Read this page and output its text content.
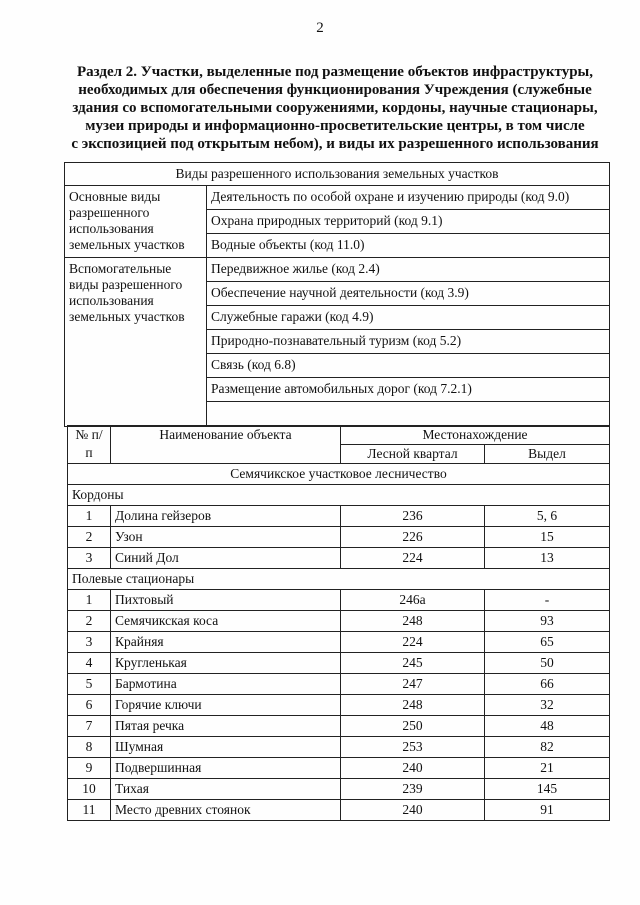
2
Раздел 2. Участки, выделенные под размещение объектов инфраструктуры,
необходимых для обеспечения функционирования Учреждения (служебные
здания со вспомогательными сооружениями, кордоны, научные стационары,
музеи природы и информационно-просветительские центры, в том числе
с экспозицией под открытым небом), и виды их разрешенного использования
Виды разрешенного использования земельных участков	
Основные виды разрешенного использования земельных участков	Деятельность по особой охране и изучению природы (код 9.0)
	Охрана природных территорий (код 9.1)
	Водные объекты (код 11.0)
Вспомогательные виды разрешенного использования земельных участков	Передвижное жилье (код 2.4)
	Обеспечение научной деятельности (код 3.9)
	Служебные гаражи (код 4.9)
	Природно-познавательный туризм (код 5.2)
	Связь (код 6.8)
	Размещение автомобильных дорог (код 7.2.1)

№ п/п	Наименование объекта	Местонахождение	
		Лесной квартал	Выдел
Семячикское участковое лесничество			
Кордоны			
1	Долина гейзеров	236	5, 6
2	Узон	226	15
3	Синий Дол	224	13
Полевые стационары			
1	Пихтовый	246а	-
2	Семячикская коса	248	93
3	Крайняя	224	65
4	Кругленькая	245	50
5	Бармотина	247	66
6	Горячие ключи	248	32
7	Пятая речка	250	48
8	Шумная	253	82
9	Подвершинная	240	21
10	Тихая	239	145
11	Место древних стоянок	240	91
